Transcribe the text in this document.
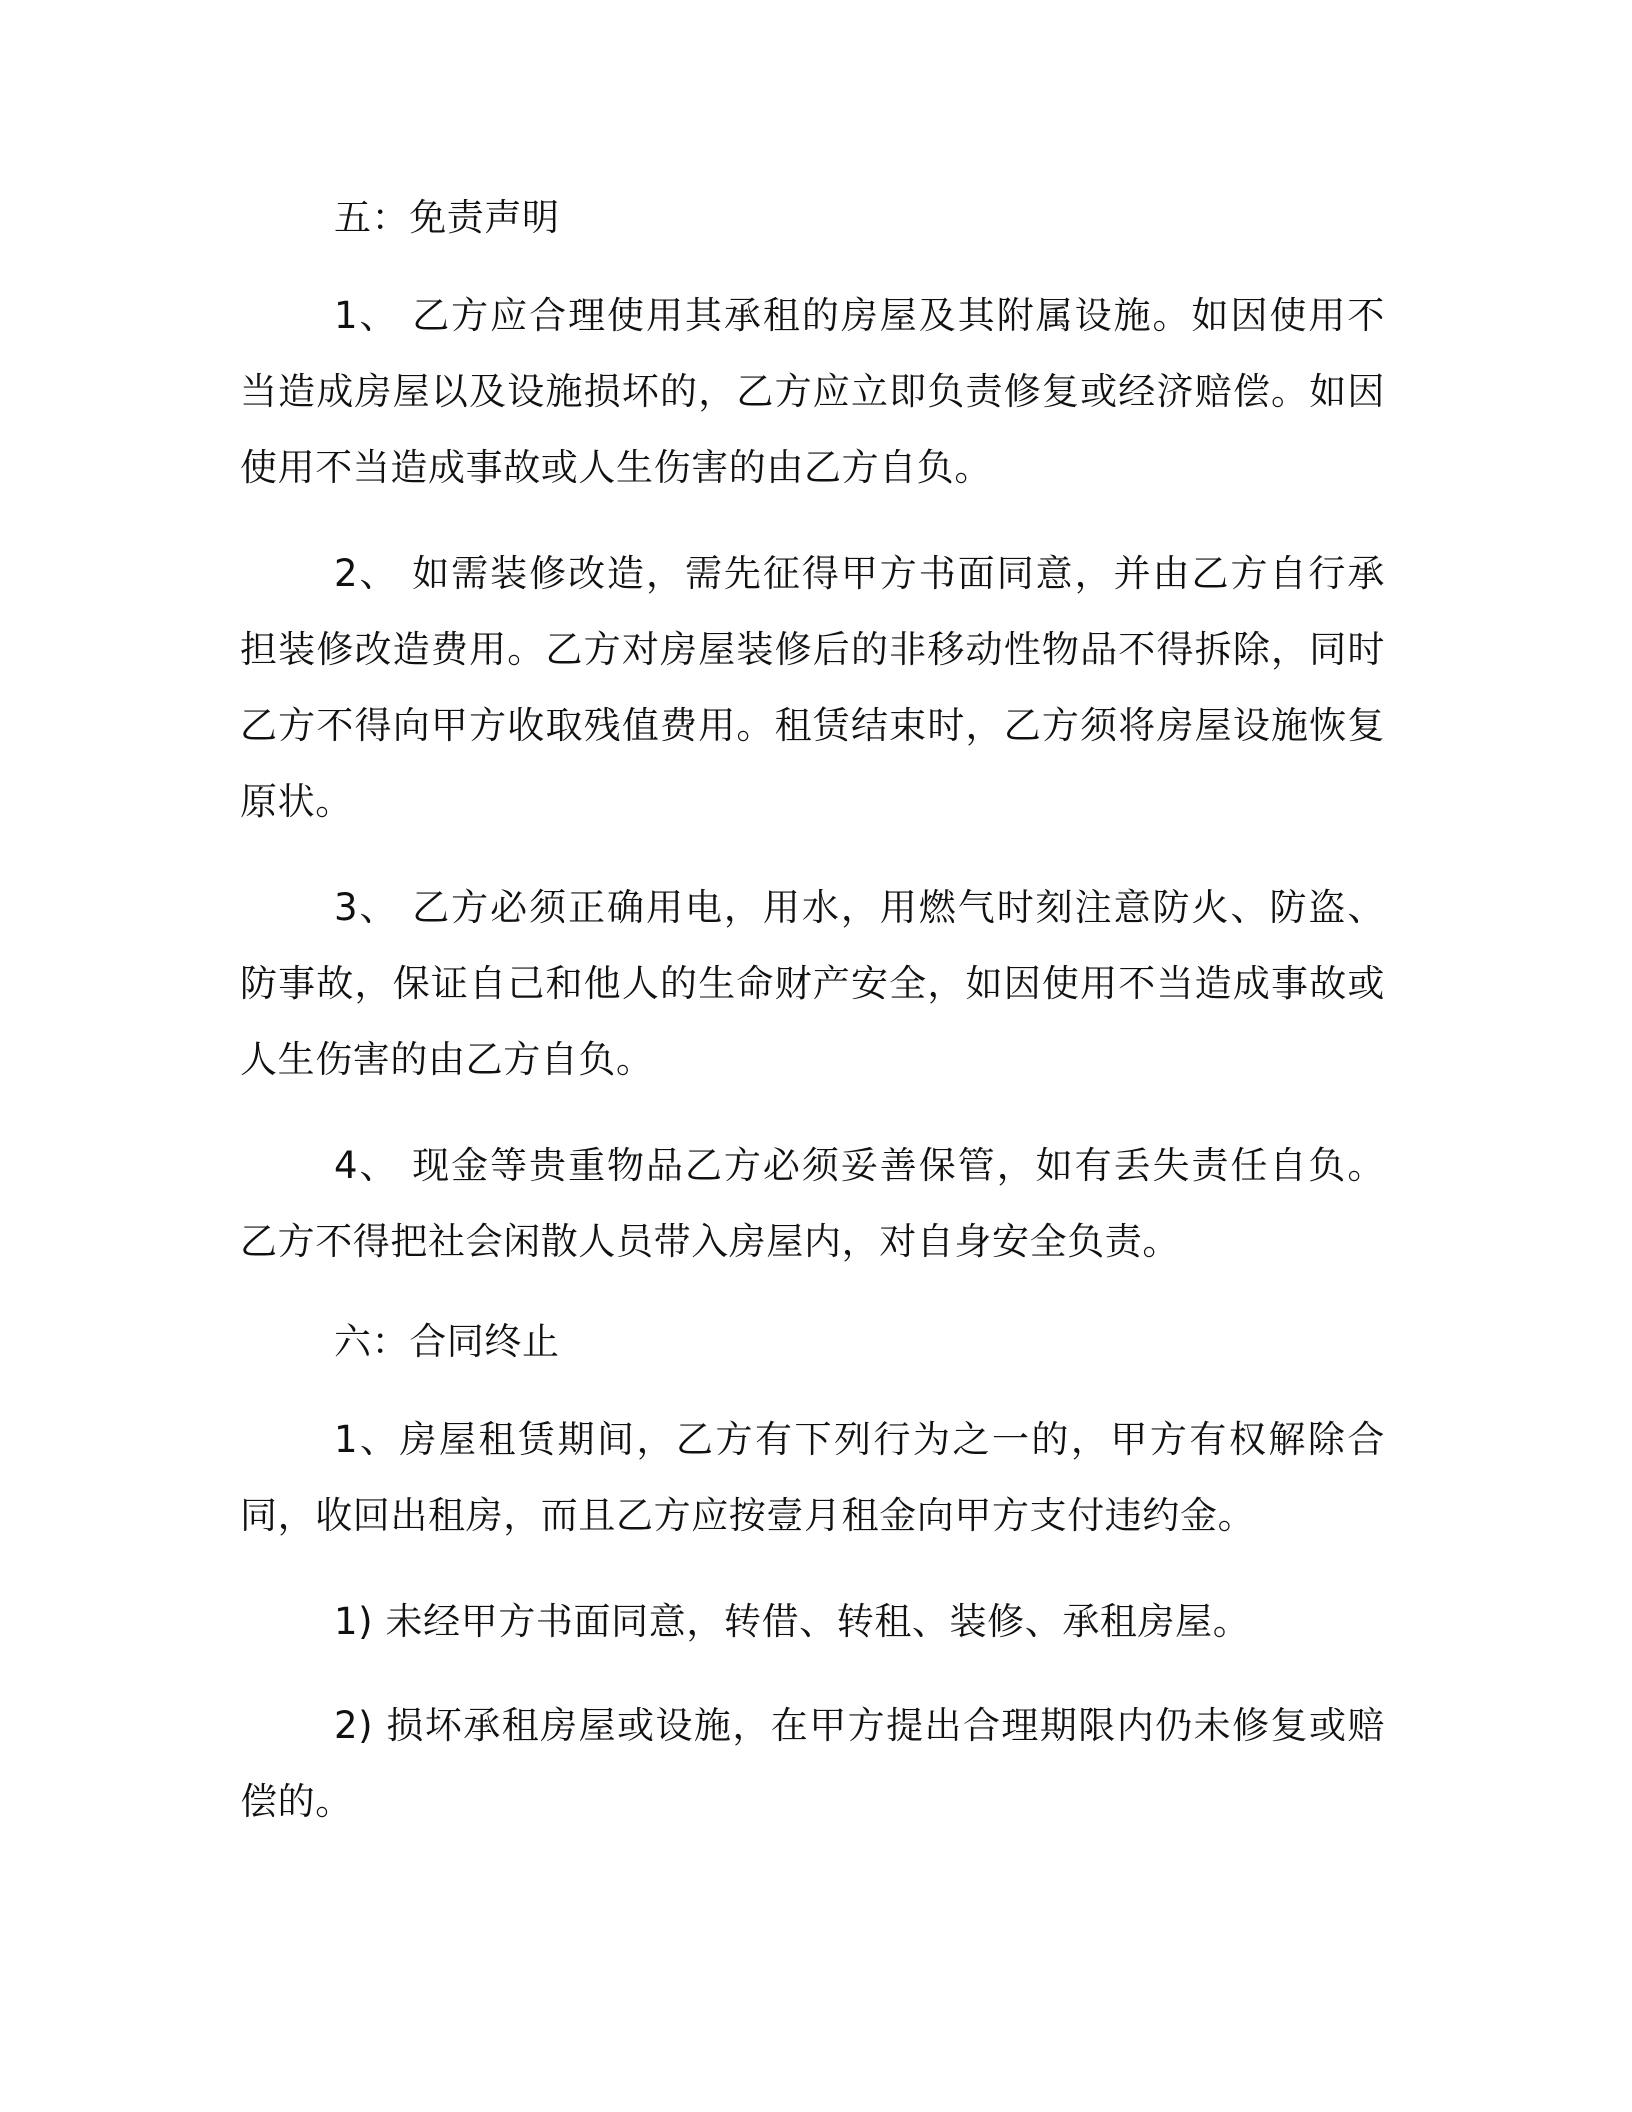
五：免责声明

1、 乙方应合理使用其承租的房屋及其附属设施。如因使用不当造成房屋以及设施损坏的，乙方应立即负责修复或经济赔偿。如因使用不当造成事故或人生伤害的由乙方自负。

2、 如需装修改造，需先征得甲方书面同意，并由乙方自行承担装修改造费用。乙方对房屋装修后的非移动性物品不得拆除，同时乙方不得向甲方收取残值费用。租赁结束时，乙方须将房屋设施恢复原状。

3、 乙方必须正确用电，用水，用燃气时刻注意防火、防盗、防事故，保证自己和他人的生命财产安全，如因使用不当造成事故或人生伤害的由乙方自负。

4、 现金等贵重物品乙方必须妥善保管，如有丢失责任自负。乙方不得把社会闲散人员带入房屋内，对自身安全负责。

六：合同终止

1、房屋租赁期间，乙方有下列行为之一的，甲方有权解除合同，收回出租房，而且乙方应按壹月租金向甲方支付违约金。

1) 未经甲方书面同意，转借、转租、装修、承租房屋。

2) 损坏承租房屋或设施，在甲方提出合理期限内仍未修复或赔偿的。
